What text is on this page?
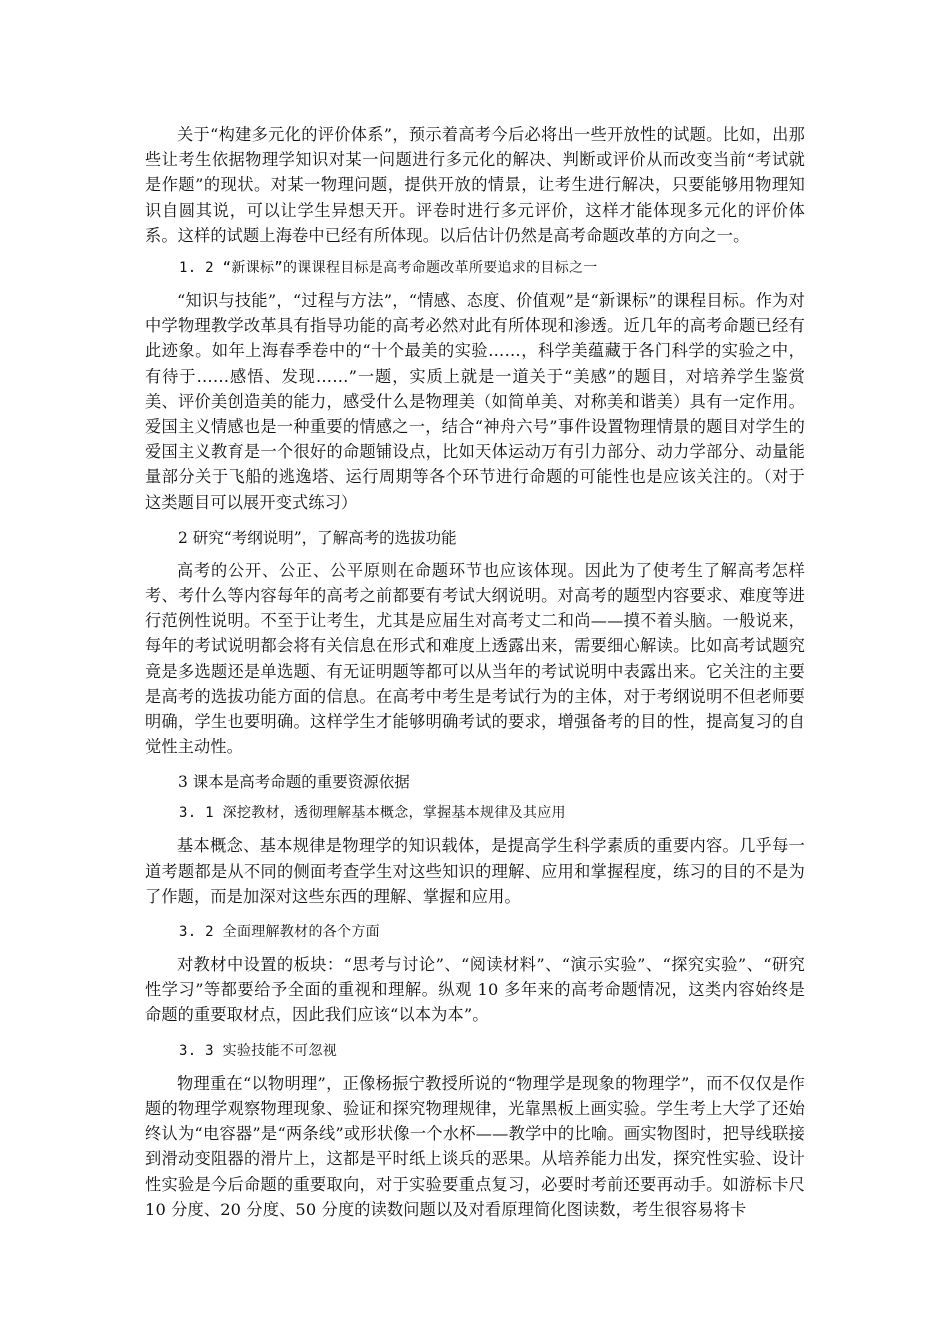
关于“构建多元化的评价体系”，预示着高考今后必将出一些开放性的试题。比如，出那些让考生依据物理学知识对某一问题进行多元化的解决、判断或评价从而改变当前“考试就是作题”的现状。对某一物理问题，提供开放的情景，让考生进行解决，只要能够用物理知识自圆其说，可以让学生异想天开。评卷时进行多元评价，这样才能体现多元化的评价体系。这样的试题上海卷中已经有所体现。以后估计仍然是高考命题改革的方向之一。

1. 2 “新课标”的课课程目标是高考命题改革所要追求的目标之一

“知识与技能”，“过程与方法”，“情感、态度、价值观”是“新课标”的课程目标。作为对中学物理教学改革具有指导功能的高考必然对此有所体现和渗透。近几年的高考命题已经有此迹象。如年上海春季卷中的“十个最美的实验……，科学美蕴藏于各门科学的实验之中，有待于……感悟、发现……”一题，实质上就是一道关于“美感”的题目，对培养学生鉴赏美、评价美创造美的能力，感受什么是物理美（如简单美、对称美和谐美）具有一定作用。爱国主义情感也是一种重要的情感之一，结合“神舟六号”事件设置物理情景的题目对学生的爱国主义教育是一个很好的命题铺设点，比如天体运动万有引力部分、动力学部分、动量能量部分关于飞船的逃逸塔、运行周期等各个环节进行命题的可能性也是应该关注的。（对于这类题目可以展开变式练习）

2 研究“考纲说明”，了解高考的选拔功能

高考的公开、公正、公平原则在命题环节也应该体现。因此为了使考生了解高考怎样考、考什么等内容每年的高考之前都要有考试大纲说明。对高考的题型内容要求、难度等进行范例性说明。不至于让考生，尤其是应届生对高考丈二和尚——摸不着头脑。一般说来，每年的考试说明都会将有关信息在形式和难度上透露出来，需要细心解读。比如高考试题究竟是多选题还是单选题、有无证明题等都可以从当年的考试说明中表露出来。它关注的主要是高考的选拔功能方面的信息。在高考中考生是考试行为的主体，对于考纲说明不但老师要明确，学生也要明确。这样学生才能够明确考试的要求，增强备考的目的性，提高复习的自觉性主动性。

3 课本是高考命题的重要资源依据

3. 1 深挖教材，透彻理解基本概念，掌握基本规律及其应用

基本概念、基本规律是物理学的知识载体，是提高学生科学素质的重要内容。几乎每一道考题都是从不同的侧面考查学生对这些知识的理解、应用和掌握程度，练习的目的不是为了作题，而是加深对这些东西的理解、掌握和应用。

3. 2 全面理解教材的各个方面

对教材中设置的板块：“思考与讨论”、“阅读材料”、“演示实验”、“探究实验”、“研究性学习”等都要给予全面的重视和理解。纵观 10 多年来的高考命题情况，这类内容始终是命题的重要取材点，因此我们应该“以本为本”。

3. 3 实验技能不可忽视

物理重在“以物明理”，正像杨振宁教授所说的“物理学是现象的物理学”，而不仅仅是作题的物理学观察物理现象、验证和探究物理规律，光靠黑板上画实验。学生考上大学了还始终认为“电容器”是“两条线”或形状像一个水杯——教学中的比喻。画实物图时，把导线联接到滑动变阻器的滑片上，这都是平时纸上谈兵的恶果。从培养能力出发，探究性实验、设计性实验是今后命题的重要取向，对于实验要重点复习，必要时考前还要再动手。如游标卡尺 10 分度、20 分度、50 分度的读数问题以及对看原理简化图读数，考生很容易将卡
